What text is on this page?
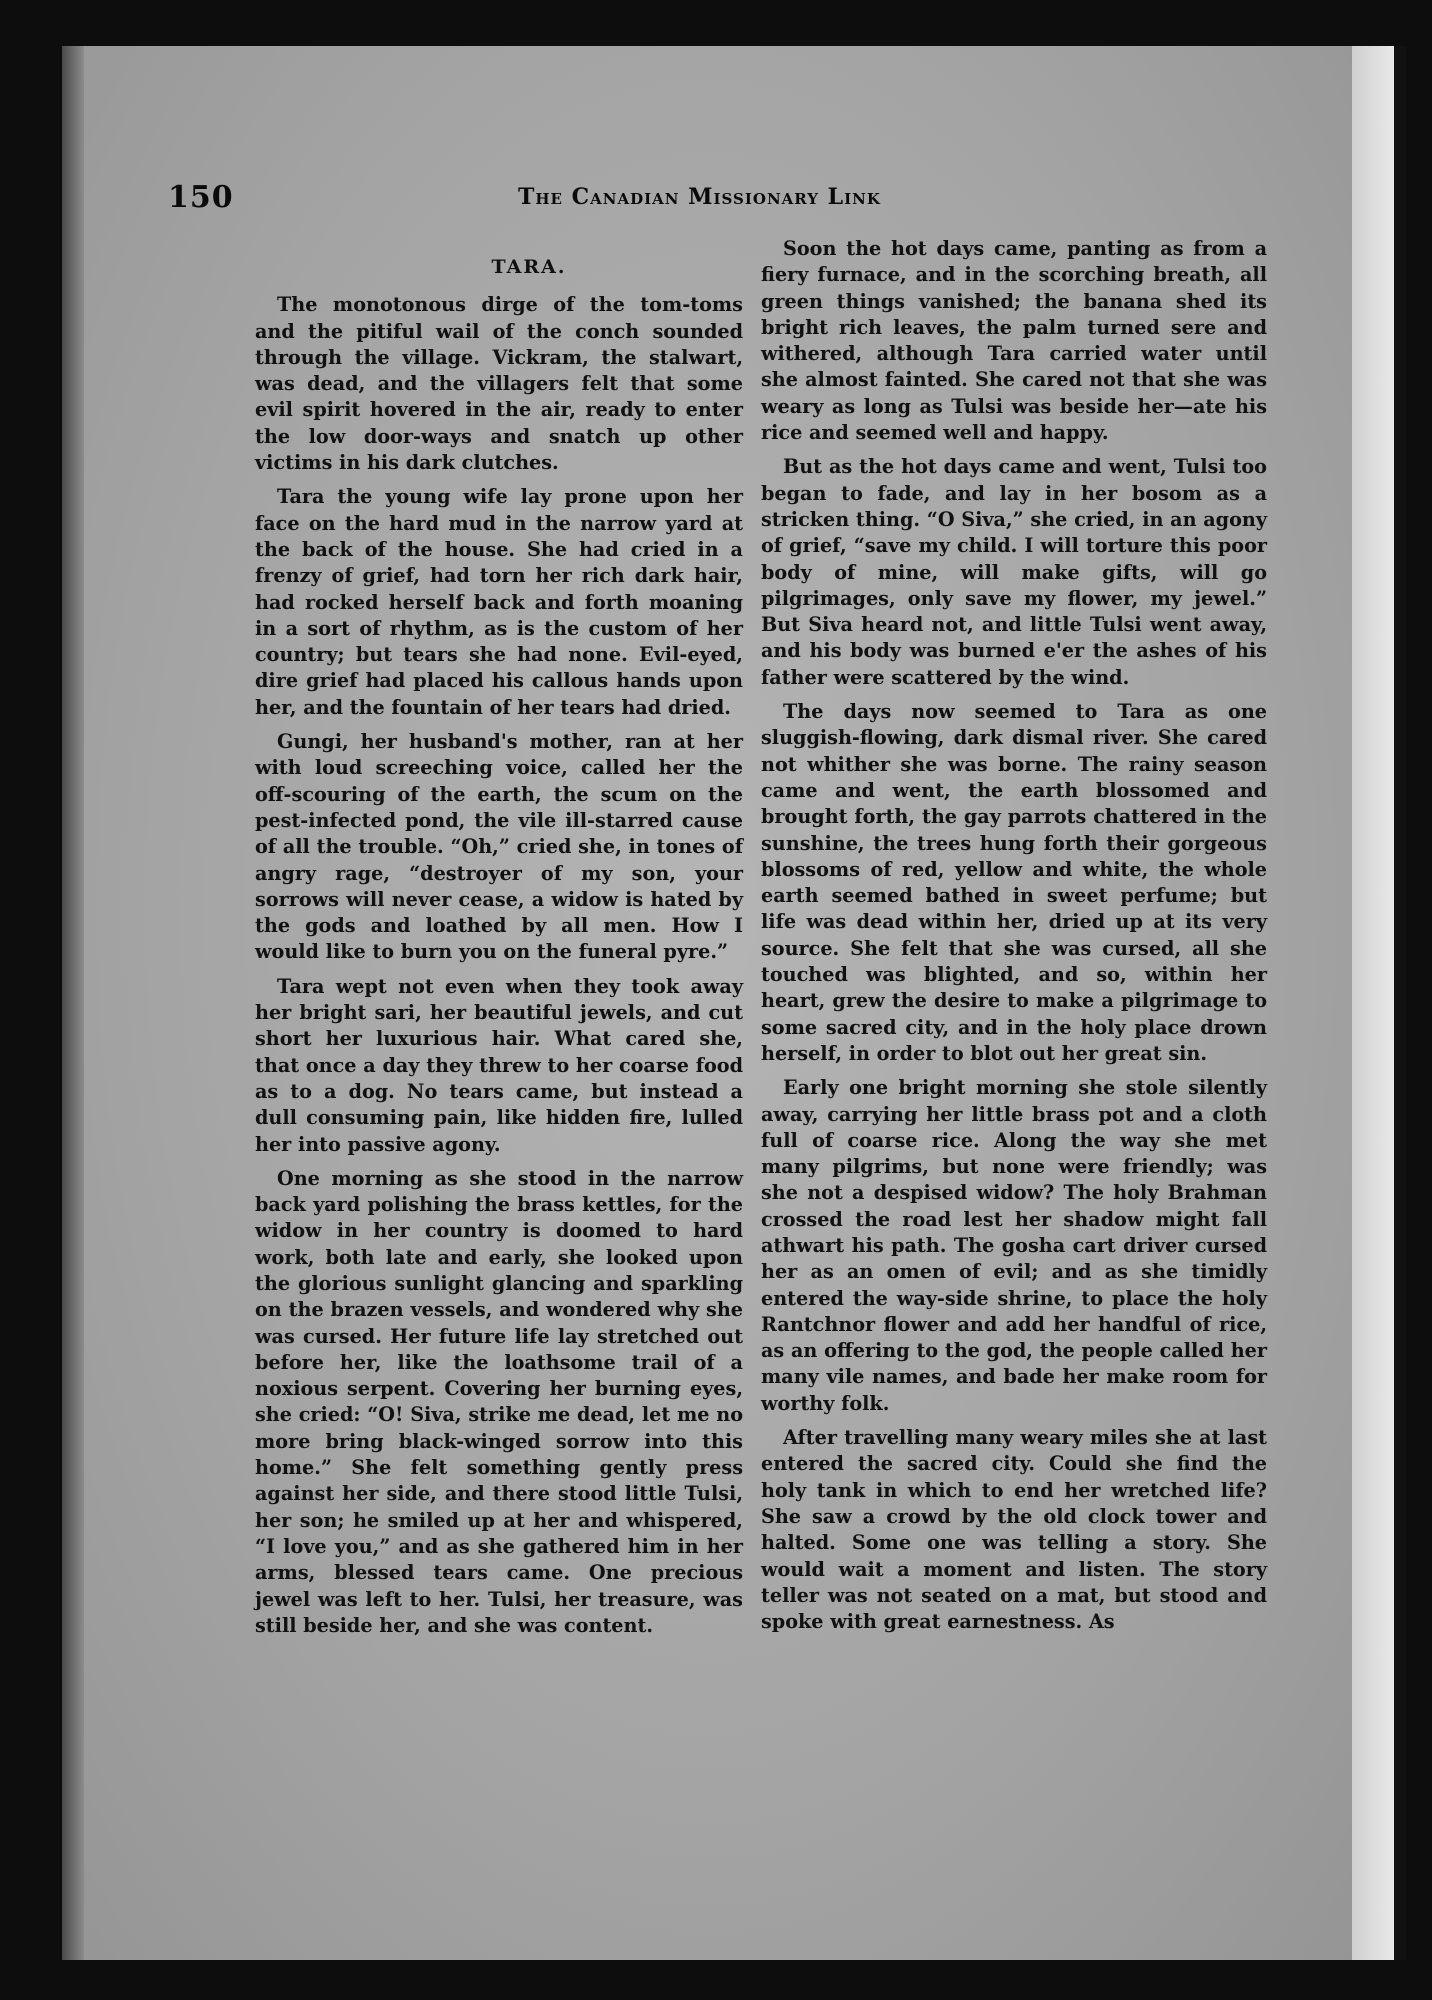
150	The Canadian Missionary Link
TARA.

The monotonous dirge of the tom-toms and the pitiful wail of the conch sounded through the village. Vickram, the stalwart, was dead, and the villagers felt that some evil spirit hovered in the air, ready to enter the low door-ways and snatch up other victims in his dark clutches.

Tara the young wife lay prone upon her face on the hard mud in the narrow yard at the back of the house. She had cried in a frenzy of grief, had torn her rich dark hair, had rocked herself back and forth moaning in a sort of rhythm, as is the custom of her country; but tears she had none. Evil-eyed, dire grief had placed his callous hands upon her, and the fountain of her tears had dried.

Gungi, her husband's mother, ran at her with loud screeching voice, called her the off-scouring of the earth, the scum on the pest-infected pond, the vile ill-starred cause of all the trouble. “Oh,” cried she, in tones of angry rage, “destroyer of my son, your sorrows will never cease, a widow is hated by the gods and loathed by all men. How I would like to burn you on the funeral pyre.”

Tara wept not even when they took away her bright sari, her beautiful jewels, and cut short her luxurious hair. What cared she, that once a day they threw to her coarse food as to a dog. No tears came, but instead a dull consuming pain, like hidden fire, lulled her into passive agony.

One morning as she stood in the narrow back yard polishing the brass kettles, for the widow in her country is doomed to hard work, both late and early, she looked upon the glorious sunlight glancing and sparkling on the brazen vessels, and wondered why she was cursed. Her future life lay stretched out before her, like the loathsome trail of a noxious serpent. Covering her burning eyes, she cried: “O! Siva, strike me dead, let me no more bring black-winged sorrow into this home.” She felt something gently press against her side, and there stood little Tulsi, her son; he smiled up at her and whispered, “I love you,” and as she gathered him in her arms, blessed tears came. One precious jewel was left to her. Tulsi, her treasure, was still beside her, and she was content.

Soon the hot days came, panting as from a fiery furnace, and in the scorching breath, all green things vanished; the banana shed its bright rich leaves, the palm turned sere and withered, although Tara carried water until she almost fainted. She cared not that she was weary as long as Tulsi was beside her—ate his rice and seemed well and happy.

But as the hot days came and went, Tulsi too began to fade, and lay in her bosom as a stricken thing. “O Siva,” she cried, in an agony of grief, “save my child. I will torture this poor body of mine, will make gifts, will go pilgrimages, only save my flower, my jewel.” But Siva heard not, and little Tulsi went away, and his body was burned e'er the ashes of his father were scattered by the wind.

The days now seemed to Tara as one sluggish-flowing, dark dismal river. She cared not whither she was borne. The rainy season came and went, the earth blossomed and brought forth, the gay parrots chattered in the sunshine, the trees hung forth their gorgeous blossoms of red, yellow and white, the whole earth seemed bathed in sweet perfume; but life was dead within her, dried up at its very source. She felt that she was cursed, all she touched was blighted, and so, within her heart, grew the desire to make a pilgrimage to some sacred city, and in the holy place drown herself, in order to blot out her great sin.

Early one bright morning she stole silently away, carrying her little brass pot and a cloth full of coarse rice. Along the way she met many pilgrims, but none were friendly; was she not a despised widow? The holy Brahman crossed the road lest her shadow might fall athwart his path. The gosha cart driver cursed her as an omen of evil; and as she timidly entered the way-side shrine, to place the holy Rantchnor flower and add her handful of rice, as an offering to the god, the people called her many vile names, and bade her make room for worthy folk.

After travelling many weary miles she at last entered the sacred city. Could she find the holy tank in which to end her wretched life? She saw a crowd by the old clock tower and halted. Some one was telling a story. She would wait a moment and listen. The story teller was not seated on a mat, but stood and spoke with great earnestness. As
